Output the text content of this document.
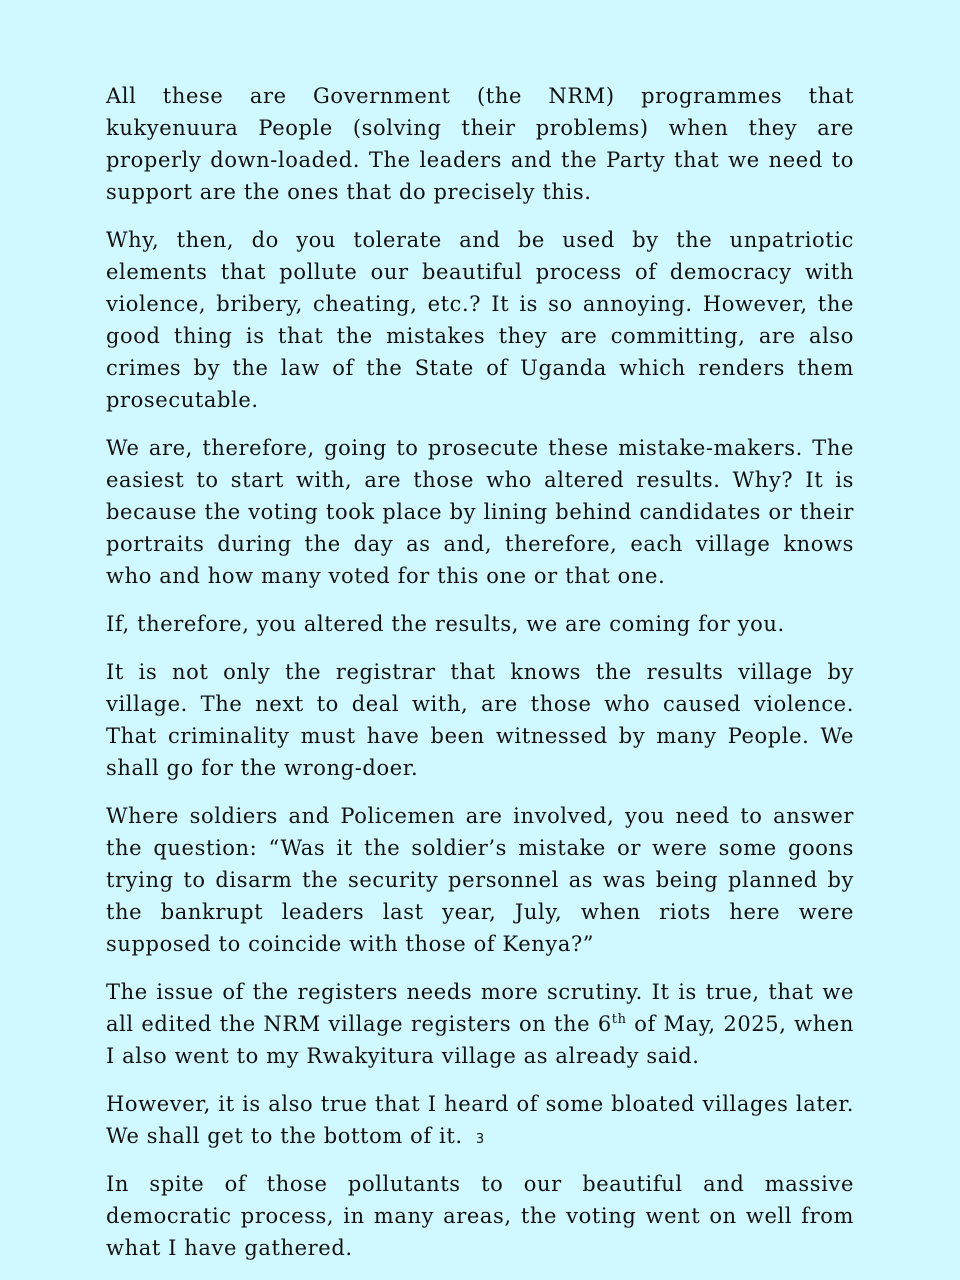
All these are Government (the NRM) programmes that kukyenuura People (solving their problems) when they are properly down-loaded. The leaders and the Party that we need to support are the ones that do precisely this.

Why, then, do you tolerate and be used by the unpatriotic elements that pollute our beautiful process of democracy with violence, bribery, cheating, etc.? It is so annoying. However, the good thing is that the mistakes they are committing, are also crimes by the law of the State of Uganda which renders them prosecutable.

We are, therefore, going to prosecute these mistake-makers. The easiest to start with, are those who altered results. Why? It is because the voting took place by lining behind candidates or their portraits during the day as and, therefore, each village knows who and how many voted for this one or that one.

If, therefore, you altered the results, we are coming for you.

It is not only the registrar that knows the results village by village. The next to deal with, are those who caused violence. That criminality must have been witnessed by many People. We shall go for the wrong-doer.

Where soldiers and Policemen are involved, you need to answer the question: “Was it the soldier’s mistake or were some goons trying to disarm the security personnel as was being planned by the bankrupt leaders last year, July, when riots here were supposed to coincide with those of Kenya?”

The issue of the registers needs more scrutiny. It is true, that we all edited the NRM village registers on the 6th of May, 2025, when I also went to my Rwakyitura village as already said.

However, it is also true that I heard of some bloated villages later. We shall get to the bottom of it.

In spite of those pollutants to our beautiful and massive democratic process, in many areas, the voting went on well from what I have gathered.

3
